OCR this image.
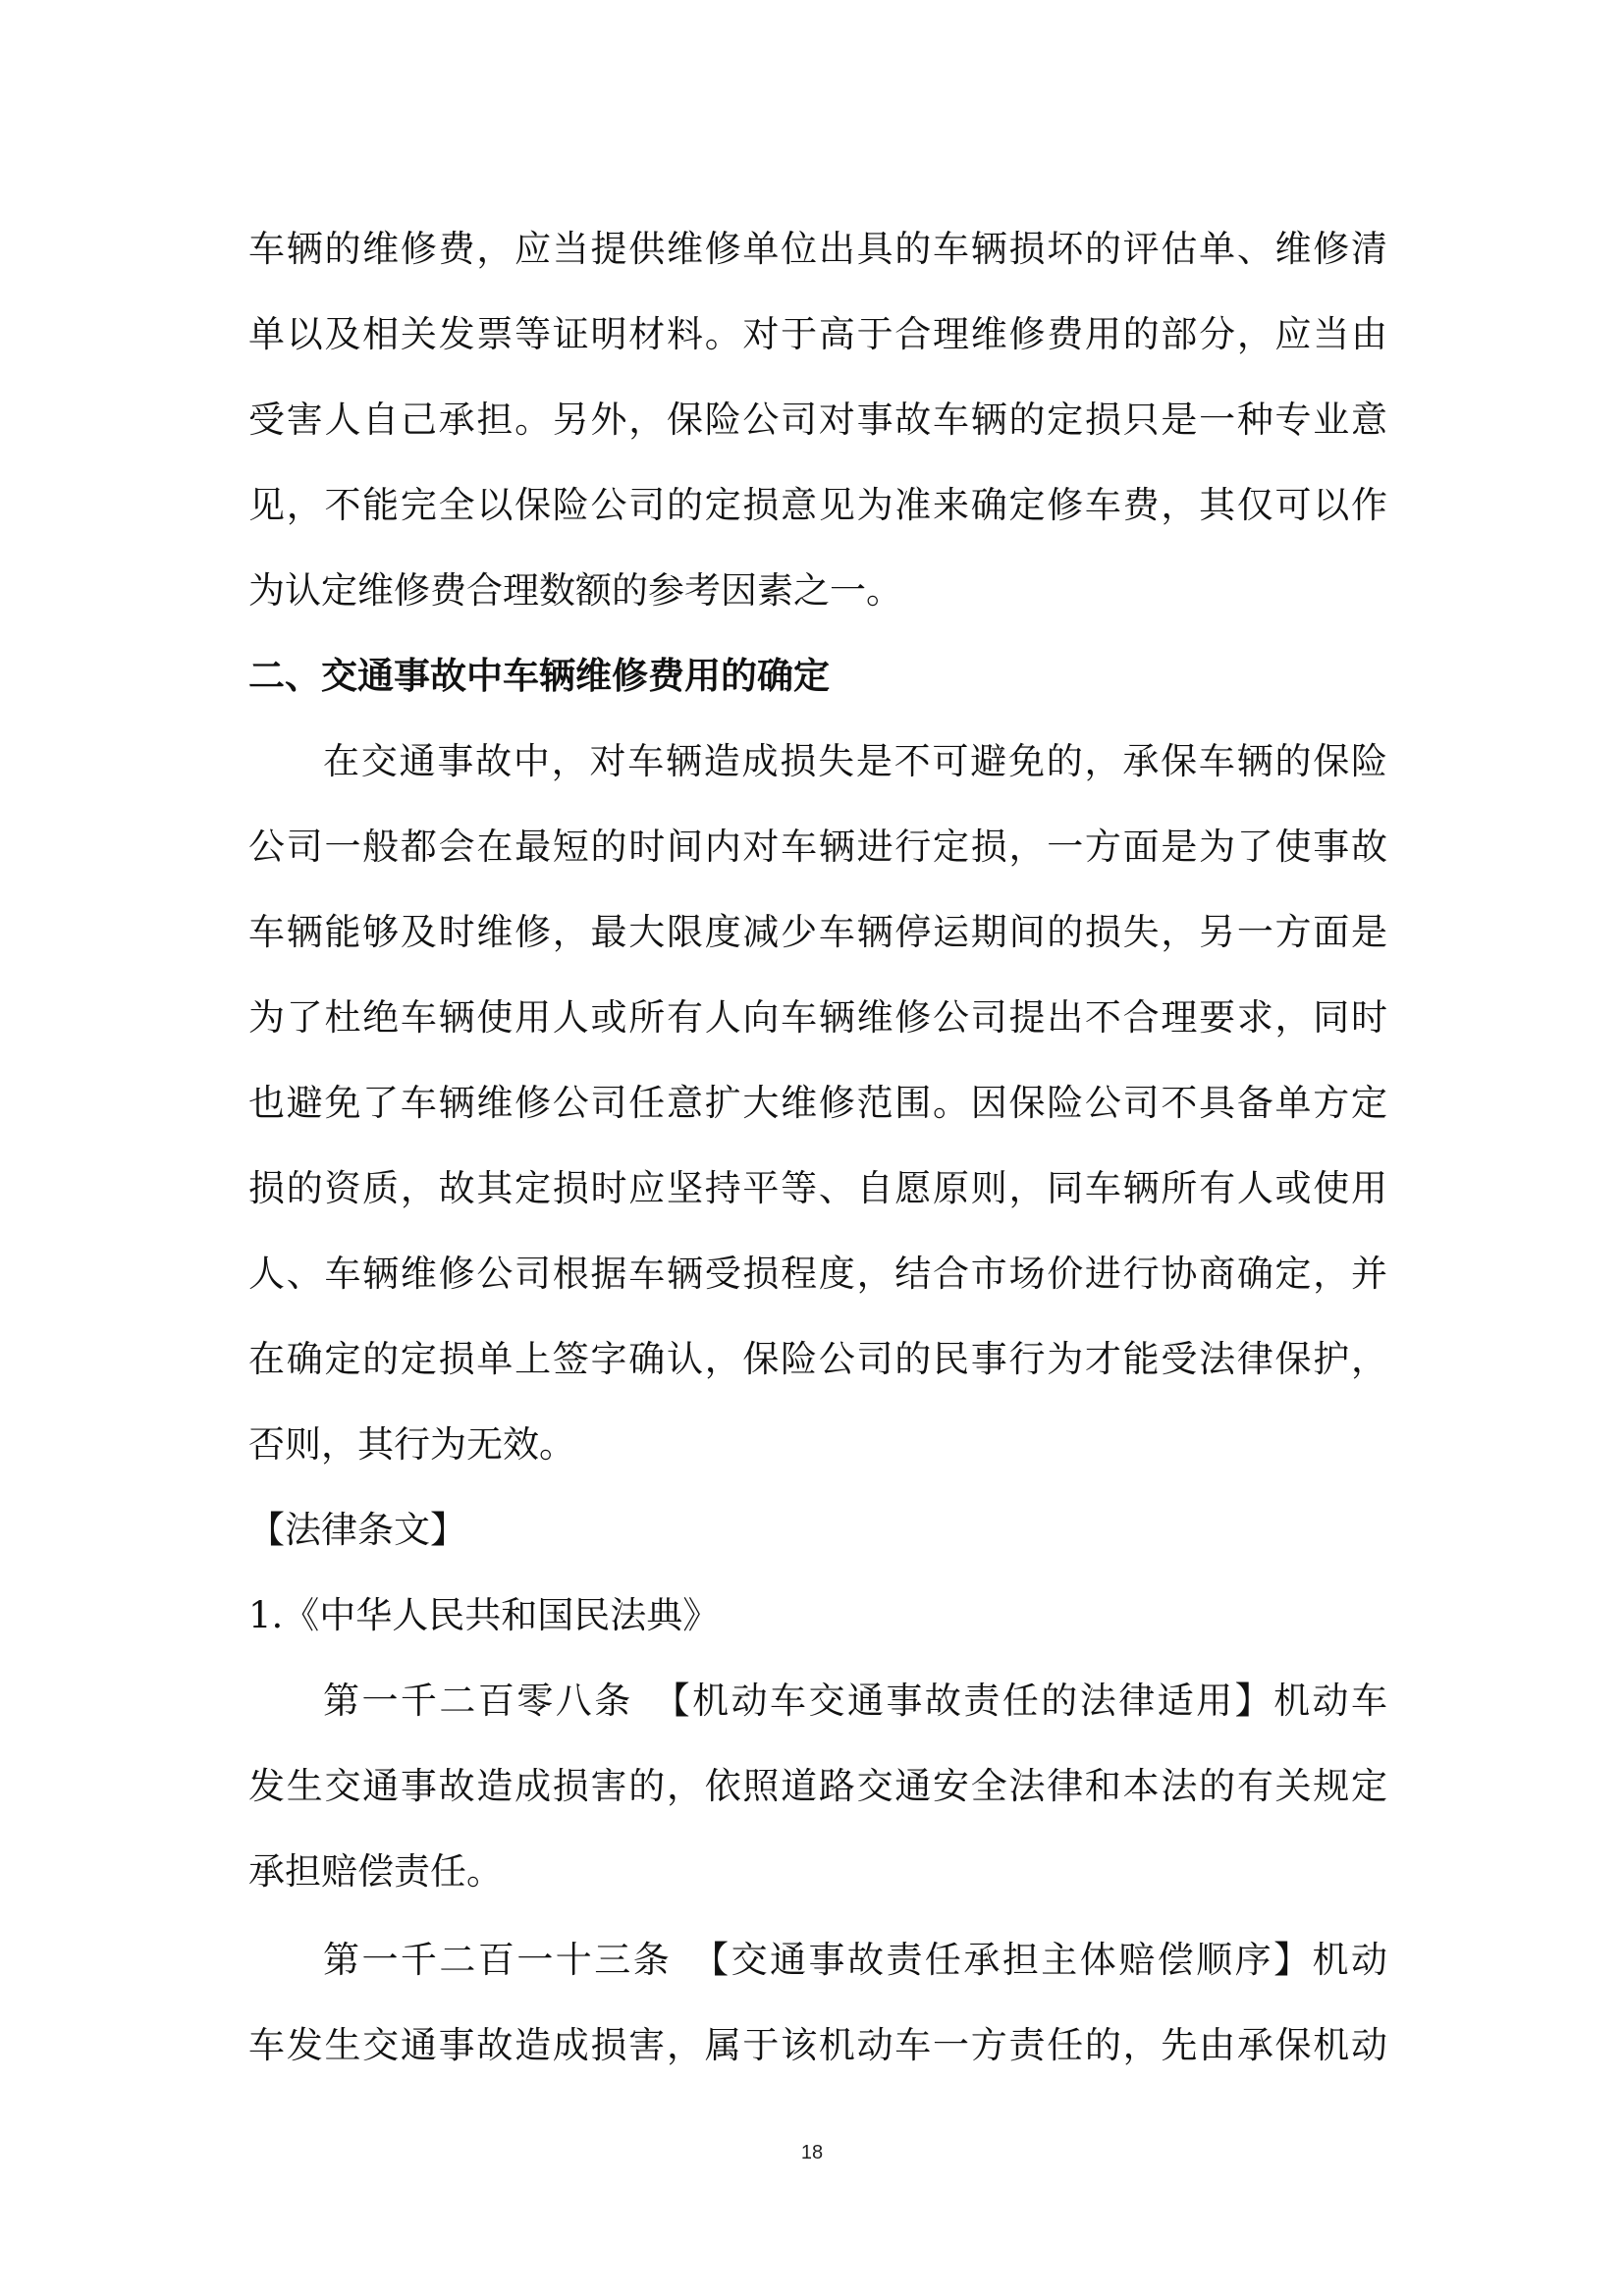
车辆的维修费，应当提供维修单位出具的车辆损坏的评估单、维修清
单以及相关发票等证明材料。对于高于合理维修费用的部分，应当由
受害人自己承担。另外，保险公司对事故车辆的定损只是一种专业意
见，不能完全以保险公司的定损意见为准来确定修车费，其仅可以作
为认定维修费合理数额的参考因素之一。
二、交通事故中车辆维修费用的确定
在交通事故中，对车辆造成损失是不可避免的，承保车辆的保险
公司一般都会在最短的时间内对车辆进行定损，一方面是为了使事故
车辆能够及时维修，最大限度减少车辆停运期间的损失，另一方面是
为了杜绝车辆使用人或所有人向车辆维修公司提出不合理要求，同时
也避免了车辆维修公司任意扩大维修范围。因保险公司不具备单方定
损的资质，故其定损时应坚持平等、自愿原则，同车辆所有人或使用
人、车辆维修公司根据车辆受损程度，结合市场价进行协商确定，并
在确定的定损单上签字确认，保险公司的民事行为才能受法律保护，
否则，其行为无效。
【法律条文】
1.《中华人民共和国民法典》
第一千二百零八条　【机动车交通事故责任的法律适用】机动车
发生交通事故造成损害的，依照道路交通安全法律和本法的有关规定
承担赔偿责任。
第一千二百一十三条　【交通事故责任承担主体赔偿顺序】机动
车发生交通事故造成损害，属于该机动车一方责任的，先由承保机动
18
